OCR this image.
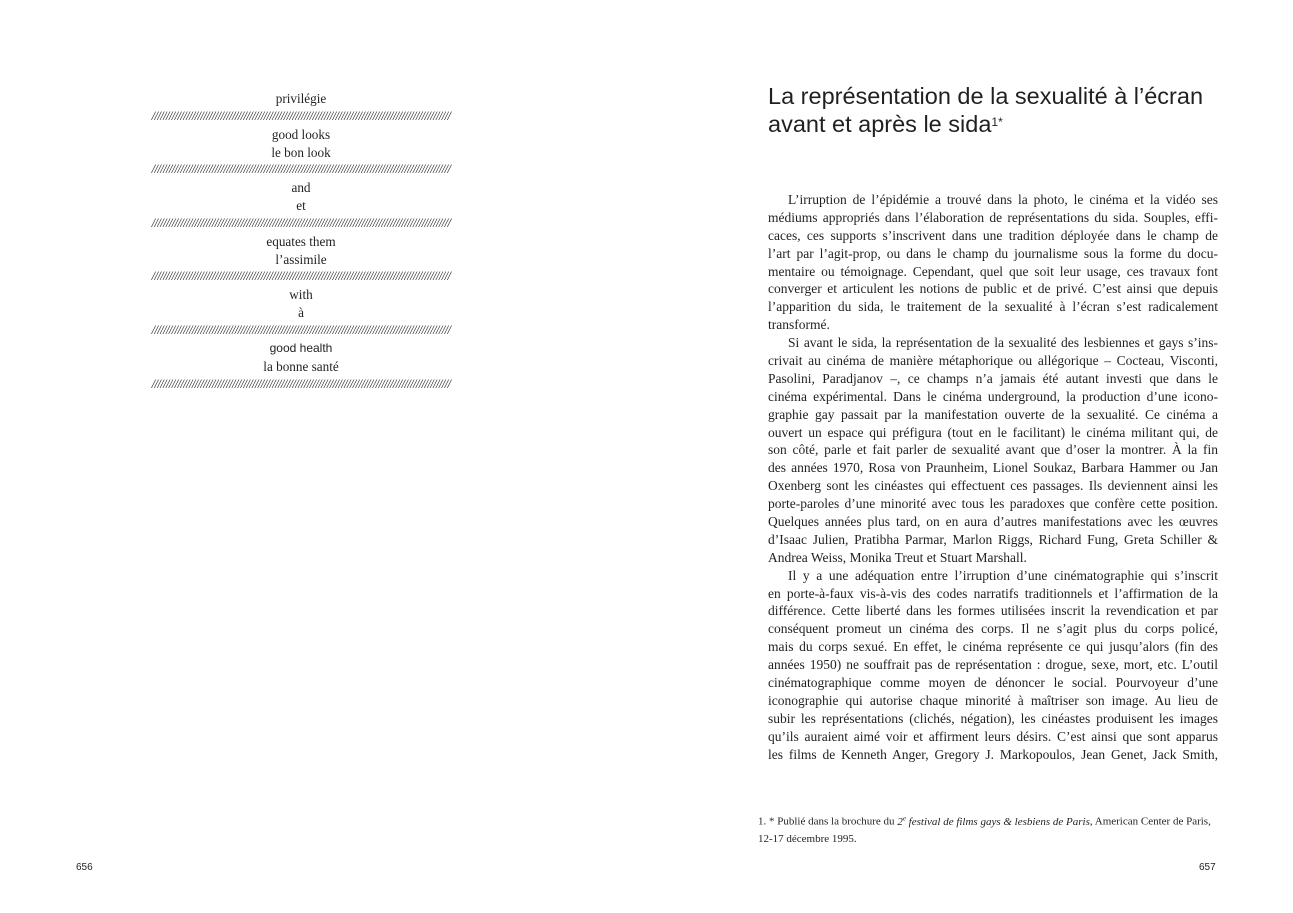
privilégie
////////////////////////////////////////////////////////////////////////////////////////////////////////
good looks
le bon look
////////////////////////////////////////////////////////////////////////////////////////////////////////
and
et
////////////////////////////////////////////////////////////////////////////////////////////////////////
equates them
l’assimile
////////////////////////////////////////////////////////////////////////////////////////////////////////
with
à
////////////////////////////////////////////////////////////////////////////////////////////////////////
good health
la bonne santé
////////////////////////////////////////////////////////////////////////////////////////////////////////
656
La représentation de la sexualité à l’écran
avant et après le sida$^{1*}$
L’irruption de l’épidémie a trouvé dans la photo, le cinéma et la vidéo ses
médiums appropriés dans l’élaboration de représentations du sida. Souples, effi-
caces, ces supports s’inscrivent dans une tradition déployée dans le champ de
l’art par l’agit-prop, ou dans le champ du journalisme sous la forme du docu-
mentaire ou témoignage. Cependant, quel que soit leur usage, ces travaux font
converger et articulent les notions de public et de privé. C’est ainsi que depuis
l’apparition du sida, le traitement de la sexualité à l’écran s’est radicalement
transformé.
Si avant le sida, la représentation de la sexualité des lesbiennes et gays s’ins-
crivait au cinéma de manière métaphorique ou allégorique – Cocteau, Visconti,
Pasolini, Paradjanov –, ce champs n’a jamais été autant investi que dans le
cinéma expérimental. Dans le cinéma underground, la production d’une icono-
graphie gay passait par la manifestation ouverte de la sexualité. Ce cinéma a
ouvert un espace qui préfigura (tout en le facilitant) le cinéma militant qui, de
son côté, parle et fait parler de sexualité avant que d’oser la montrer. À la fin
des années 1970, Rosa von Praunheim, Lionel Soukaz, Barbara Hammer ou Jan
Oxenberg sont les cinéastes qui effectuent ces passages. Ils deviennent ainsi les
porte-paroles d’une minorité avec tous les paradoxes que confère cette position.
Quelques années plus tard, on en aura d’autres manifestations avec les œuvres
d’Isaac Julien, Pratibha Parmar, Marlon Riggs, Richard Fung, Greta Schiller &
Andrea Weiss, Monika Treut et Stuart Marshall.
Il y a une adéquation entre l’irruption d’une cinématographie qui s’inscrit
en porte-à-faux vis-à-vis des codes narratifs traditionnels et l’affirmation de la
différence. Cette liberté dans les formes utilisées inscrit la revendication et par
conséquent promeut un cinéma des corps. Il ne s’agit plus du corps policé,
mais du corps sexué. En effet, le cinéma représente ce qui jusqu’alors (fin des
années 1950) ne souffrait pas de représentation : drogue, sexe, mort, etc. L’outil
cinématographique comme moyen de dénoncer le social. Pourvoyeur d’une
iconographie qui autorise chaque minorité à maîtriser son image. Au lieu de
subir les représentations (clichés, négation), les cinéastes produisent les images
qu’ils auraient aimé voir et affirment leurs désirs. C’est ainsi que sont apparus
les films de Kenneth Anger, Gregory J. Markopoulos, Jean Genet, Jack Smith,
1. * Publié dans la brochure du 2e festival de films gays & lesbiens de Paris, American Center de Paris,
12-17 décembre 1995.
657
